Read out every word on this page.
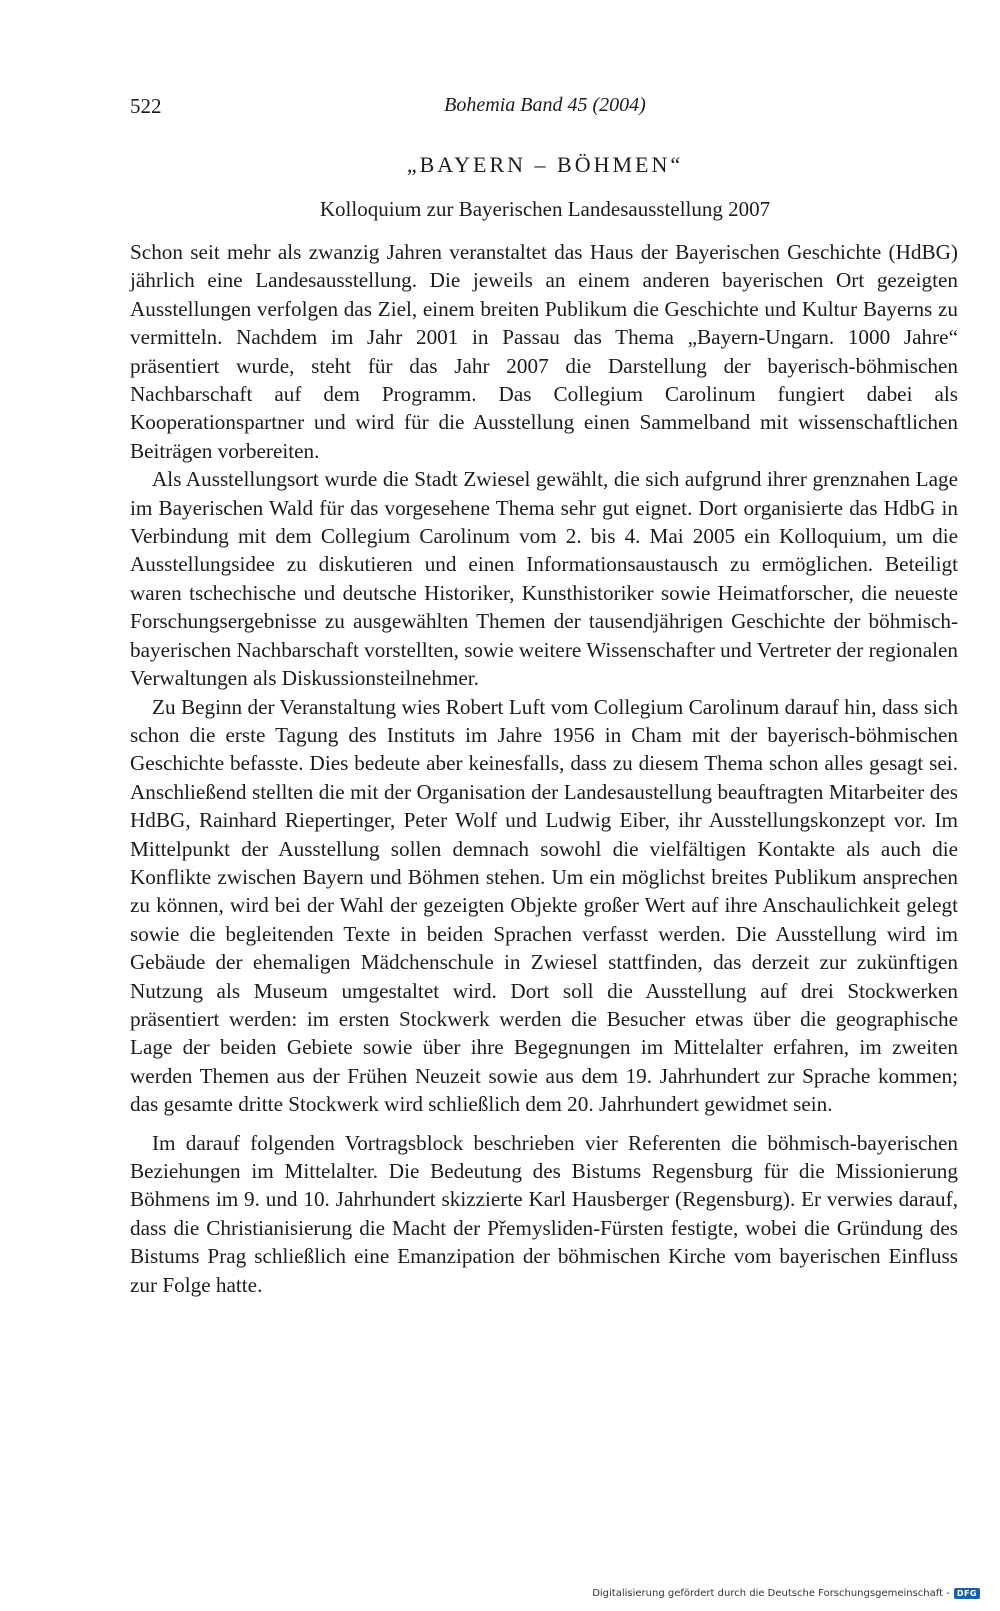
522	Bohemia Band 45 (2004)
„BAYERN – BÖHMEN“
Kolloquium zur Bayerischen Landesausstellung 2007

Schon seit mehr als zwanzig Jahren veranstaltet das Haus der Bayerischen Geschichte (HdBG) jährlich eine Landesausstellung. Die jeweils an einem anderen bayerischen Ort gezeigten Ausstellungen verfolgen das Ziel, einem breiten Publikum die Geschichte und Kultur Bayerns zu vermitteln. Nachdem im Jahr 2001 in Passau das Thema „Bayern-Ungarn. 1000 Jahre“ präsentiert wurde, steht für das Jahr 2007 die Darstellung der bayerisch-böhmischen Nachbarschaft auf dem Programm. Das Collegium Carolinum fungiert dabei als Kooperationspartner und wird für die Ausstellung einen Sammelband mit wissenschaftlichen Beiträgen vorbereiten.

Als Ausstellungsort wurde die Stadt Zwiesel gewählt, die sich aufgrund ihrer grenznahen Lage im Bayerischen Wald für das vorgesehene Thema sehr gut eignet. Dort organisierte das HdbG in Verbindung mit dem Collegium Carolinum vom 2. bis 4. Mai 2005 ein Kolloquium, um die Ausstellungsidee zu diskutieren und einen Informationsaustausch zu ermöglichen. Beteiligt waren tschechische und deutsche Historiker, Kunsthistoriker sowie Heimatforscher, die neueste Forschungsergebnisse zu ausgewählten Themen der tausendjährigen Geschichte der böhmisch-bayerischen Nachbarschaft vorstellten, sowie weitere Wissenschafter und Vertreter der regionalen Verwaltungen als Diskussionsteilnehmer.

Zu Beginn der Veranstaltung wies Robert Luft vom Collegium Carolinum darauf hin, dass sich schon die erste Tagung des Instituts im Jahre 1956 in Cham mit der bayerisch-böhmischen Geschichte befasste. Dies bedeute aber keinesfalls, dass zu diesem Thema schon alles gesagt sei. Anschließend stellten die mit der Organisation der Landesaustellung beauftragten Mitarbeiter des HdBG, Rainhard Riepertinger, Peter Wolf und Ludwig Eiber, ihr Ausstellungskonzept vor. Im Mittelpunkt der Ausstellung sollen demnach sowohl die vielfältigen Kontakte als auch die Konflikte zwischen Bayern und Böhmen stehen. Um ein möglichst breites Publikum ansprechen zu können, wird bei der Wahl der gezeigten Objekte großer Wert auf ihre Anschaulichkeit gelegt sowie die begleitenden Texte in beiden Sprachen verfasst werden. Die Ausstellung wird im Gebäude der ehemaligen Mädchenschule in Zwiesel stattfinden, das derzeit zur zukünftigen Nutzung als Museum umgestaltet wird. Dort soll die Ausstellung auf drei Stockwerken präsentiert werden: im ersten Stockwerk werden die Besucher etwas über die geographische Lage der beiden Gebiete sowie über ihre Begegnungen im Mittelalter erfahren, im zweiten werden Themen aus der Frühen Neuzeit sowie aus dem 19. Jahrhundert zur Sprache kommen; das gesamte dritte Stockwerk wird schließlich dem 20. Jahrhundert gewidmet sein.

Im darauf folgenden Vortragsblock beschrieben vier Referenten die böhmisch-bayerischen Beziehungen im Mittelalter. Die Bedeutung des Bistums Regensburg für die Missionierung Böhmens im 9. und 10. Jahrhundert skizzierte Karl Hausberger (Regensburg). Er verwies darauf, dass die Christianisierung die Macht der Přemysliden-Fürsten festigte, wobei die Gründung des Bistums Prag schließlich eine Emanzipation der böhmischen Kirche vom bayerischen Einfluss zur Folge hatte.

Digitalisierung gefördert durch die Deutsche Forschungsgemeinschaft - DFG
